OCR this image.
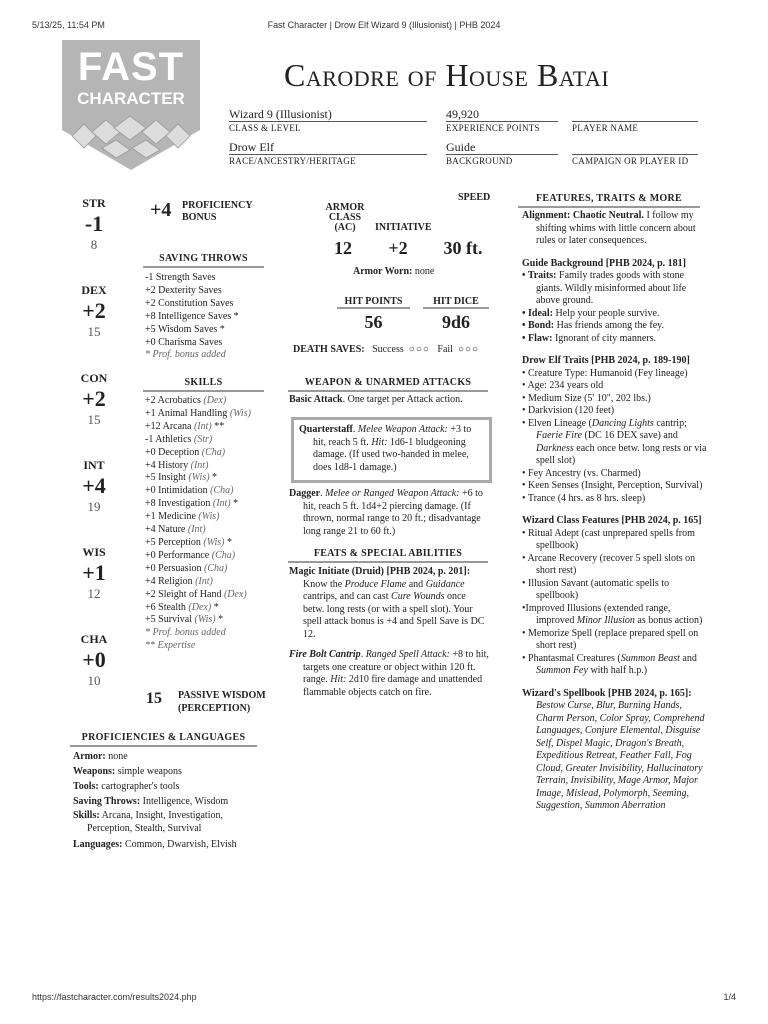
5/13/25, 11:54 PM	Fast Character | Drow Elf Wizard 9 (Illusionist) | PHB 2024
https://fastcharacter.com/results2024.php	1/4
FAST
CHARACTER
Carodre of House Batai
Wizard 9 (Illusionist)
CLASS & LEVEL
49,920
EXPERIENCE POINTS	PLAYER NAME
Drow Elf
RACE/ANCESTRY/HERITAGE
Guide
BACKGROUND	CAMPAIGN OR PLAYER ID
STR
-1
8
DEX
+2
15
CON
+2
15
INT
+4
19
WIS
+1
12
CHA
+0
10
+4 PROFICIENCY
BONUS
SAVING THROWS
-1 Strength Saves
+2 Dexterity Saves
+2 Constitution Saves
+8 Intelligence Saves *
+5 Wisdom Saves *
+0 Charisma Saves
* Prof. bonus added
SKILLS
+2 Acrobatics (Dex)
+1 Animal Handling (Wis)
+12 Arcana (Int) **
-1 Athletics (Str)
+0 Deception (Cha)
+4 History (Int)
+5 Insight (Wis) *
+0 Intimidation (Cha)
+8 Investigation (Int) *
+1 Medicine (Wis)
+4 Nature (Int)
+5 Perception (Wis) *
+0 Performance (Cha)
+0 Persuasion (Cha)
+4 Religion (Int)
+2 Sleight of Hand (Dex)
+6 Stealth (Dex) *
+5 Survival (Wis) *
* Prof. bonus added
** Expertise
15 PASSIVE WISDOM
(PERCEPTION)
PROFICIENCIES & LANGUAGES
Armor: none
Weapons: simple weapons
Tools: cartographer's tools
Saving Throws: Intelligence, Wisdom
Skills: Arcana, Insight, Investigation,
Perception, Stealth, Survival
Languages: Common, Dwarvish, Elvish
SPEED
ARMOR
CLASS
(AC)	INITIATIVE
12	+2	30 ft.
Armor Worn: none
HIT POINTS	HIT DICE
56	9d6
DEATH SAVES: Success ○○○ Fail ○○○
WEAPON & UNARMED ATTACKS
Basic Attack. One target per Attack action.
Quarterstaff. Melee Weapon Attack: +3 to hit, reach 5 ft. Hit: 1d6-1 bludgeoning damage. (If used two-handed in melee, does 1d8-1 damage.)
Dagger. Melee or Ranged Weapon Attack: +6 to hit, reach 5 ft. 1d4+2 piercing damage. (If thrown, normal range to 20 ft.; disadvantage long range 21 to 60 ft.)
FEATS & SPECIAL ABILITIES

Magic Initiate (Druid) [PHB 2024, p. 201]: Know the Produce Flame and Guidance cantrips, and can cast Cure Wounds once betw. long rests (or with a spell slot). Your spell attack bonus is +4 and Spell Save is DC 12.

Fire Bolt Cantrip. Ranged Spell Attack: +8 to hit, targets one creature or object within 120 ft. range. Hit: 2d10 fire damage and unattended flammable objects catch on fire.

FEATURES, TRAITS & MORE

Alignment: Chaotic Neutral. I follow my shifting whims with little concern about rules or later consequences.

Guide Background [PHB 2024, p. 181]
• Traits: Family trades goods with stone giants. Wildly misinformed about life above ground.
• Ideal: Help your people survive.
• Bond: Has friends among the fey.
• Flaw: Ignorant of city manners.
Drow Elf Traits [PHB 2024, p. 189-190]
• Creature Type: Humanoid (Fey lineage)
• Age: 234 years old
• Medium Size (5' 10", 202 lbs.)
• Darkvision (120 feet)
• Elven Lineage (Dancing Lights cantrip; Faerie Fire (DC 16 DEX save) and Darkness each once betw. long rests or via spell slot)
• Fey Ancestry (vs. Charmed)
• Keen Senses (Insight, Perception, Survival)
• Trance (4 hrs. as 8 hrs. sleep)
Wizard Class Features [PHB 2024, p. 165]
• Ritual Adept (cast unprepared spells from spellbook)
• Arcane Recovery (recover 5 spell slots on short rest)
• Illusion Savant (automatic spells to spellbook)
•Improved Illusions (extended range, improved Minor Illusion as bonus action)
• Memorize Spell (replace prepared spell on short rest)
• Phantasmal Creatures (Summon Beast and Summon Fey with half h.p.)
Wizard's Spellbook [PHB 2024, p. 165]:
Bestow Curse, Blur, Burning Hands, Charm Person, Color Spray, Comprehend Languages, Conjure Elemental, Disguise Self, Dispel Magic, Dragon's Breath, Expeditious Retreat, Feather Fall, Fog Cloud, Greater Invisibility, Hallucinatory Terrain, Invisibility, Mage Armor, Major Image, Mislead, Polymorph, Seeming, Suggestion, Summon Aberration
